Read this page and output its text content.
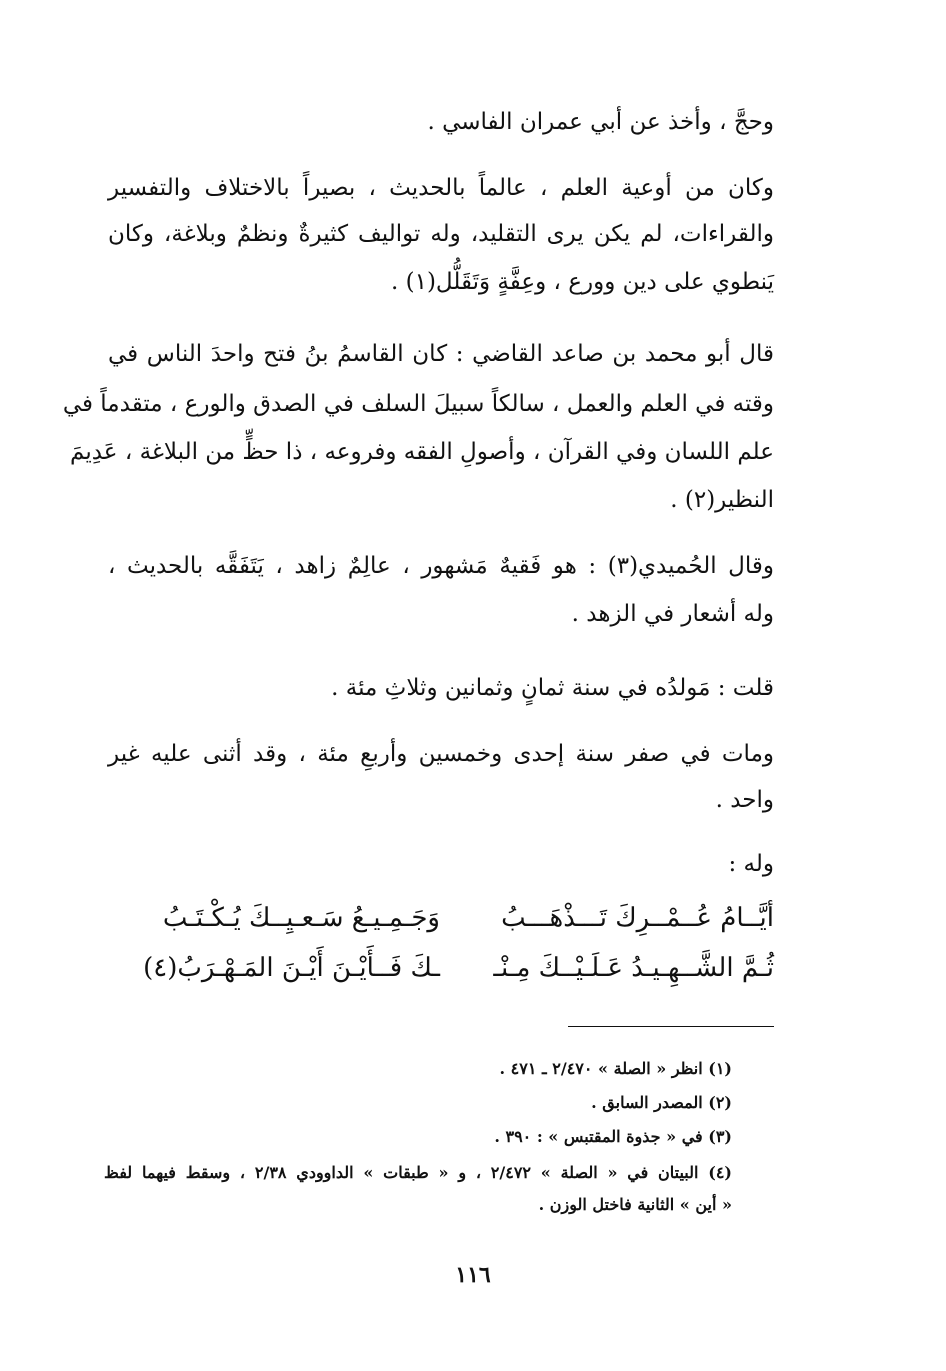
وحجَّ ، وأخذ عن أبي عمران الفاسي .
وكان من أوعية العلم ، عالماً بالحديث ، بصيراً بالاختلاف والتفسير
والقراءات، لم يكن يرى التقليد، وله تواليف كثيرةٌ ونظمٌ وبلاغة، وكان
يَنطوي على دين وورع ، وعِفَّةٍ وَتَقَلُّل(١) .
قال أبو محمد بن صاعد القاضي : كان القاسمُ بنُ فتح واحدَ الناس في
وقته في العلم والعمل ، سالكاً سبيلَ السلف في الصدق والورع ، متقدماً في
علم اللسان وفي القرآن ، وأصولِ الفقه وفروعه ، ذا حظٍّ من البلاغة ، عَدِيمَ
النظير(٢) .
وقال الحُميدي(٣) : هو فَقيهٌ مَشهور ، عالِمٌ زاهد ، يَتَفَقَّه بالحديث ،
وله أشعار في الزهد .
قلت : مَولدُه في سنة ثمانٍ وثمانين وثلاثِ مئة .
ومات في صفر سنة إحدى وخمسين وأربعِ مئة ، وقد أثنى عليه غير
واحد .
وله :
أيَّــامُ عُــمْــرِكَ تَـــذْهَـــبُ
وَجَـمِـيـعُ سَـعـيِــكَ يُـكْـتَـبُ
ثُـمَّ الشَّــهِـيـدُ عَـلَـيْــكَ مِـنْـ
ـكَ فَــأَيْـنَ أَيْـنَ المَـهْـرَبُ(٤)
(١) انظر « الصلة » ٢/٤٧٠ ـ ٤٧١ .
(٢) المصدر السابق .
(٣) في « جذوة المقتبس » : ٣٩٠ .
(٤) البيتان في « الصلة » ٢/٤٧٢ ، و « طبقات » الداوودي ٢/٣٨ ، وسقط فيهما لفظ
« أين » الثانية فاختل الوزن .
١١٦
